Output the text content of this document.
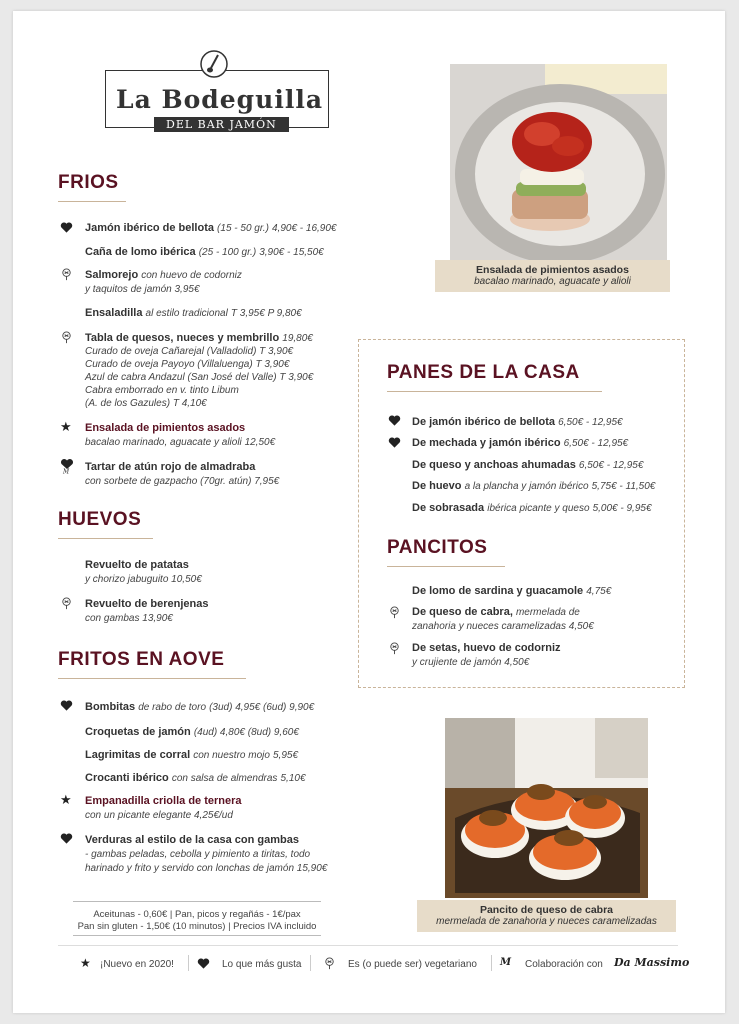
La Bodeguilla
DEL BAR JAMÓN
FRIOS
Jamón ibérico de bellota (15 - 50 gr.) 4,90€ - 16,90€
Caña de lomo ibérica (25 - 100 gr.) 3,90€ - 15,50€
Salmorejo con huevo de codorniz
y taquitos de jamón 3,95€
Ensaladilla al estilo tradicional T 3,95€ P 9,80€
Tabla de quesos, nueces y membrillo 19,80€
Curado de oveja Cañarejal (Valladolid) T 3,90€
Curado de oveja Payoyo (Villaluenga) T 3,90€
Azul de cabra Andazul (San José del Valle) T 3,90€
Cabra emborrado en v. tinto Libum
(A. de los Gazules) T 4,10€
★ Ensalada de pimientos asados
bacalao marinado, aguacate y alioli 12,50€
M Tartar de atún rojo de almadraba
con sorbete de gazpacho (70gr. atún) 7,95€
HUEVOS
Revuelto de patatas
y chorizo jabuguito 10,50€
Revuelto de berenjenas
con gambas 13,90€
FRITOS EN AOVE
Bombitas de rabo de toro (3ud) 4,95€ (6ud) 9,90€
Croquetas de jamón (4ud) 4,80€ (8ud) 9,60€
Lagrimitas de corral con nuestro mojo 5,95€
Crocanti ibérico con salsa de almendras 5,10€
★ Empanadilla criolla de ternera
con un picante elegante 4,25€/ud
Verduras al estilo de la casa con gambas
- gambas peladas, cebolla y pimiento a tiritas, todo
harinado y frito y servido con lonchas de jamón 15,90€
Aceitunas - 0,60€ | Pan, picos y regañás - 1€/pax
Pan sin gluten - 1,50€ (10 minutos) | Precios IVA incluido
Ensalada de pimientos asados
bacalao marinado, aguacate y alioli
PANES DE LA CASA
De jamón ibérico de bellota 6,50€ - 12,95€
De mechada y jamón ibérico 6,50€ - 12,95€
De queso y anchoas ahumadas 6,50€ - 12,95€
De huevo a la plancha y jamón ibérico 5,75€ - 11,50€
De sobrasada ibérica picante y queso 5,00€ - 9,95€
PANCITOS
De lomo de sardina y guacamole 4,75€
De queso de cabra, mermelada de
zanahoria y nueces caramelizadas 4,50€
De setas, huevo de codorniz
y crujiente de jamón 4,50€
Pancito de queso de cabra
mermelada de zanahoria y nueces caramelizadas
★ ¡Nuevo en 2020!	Lo que más gusta	Es (o puede ser) vegetariano M Colaboración con Da Massimo
